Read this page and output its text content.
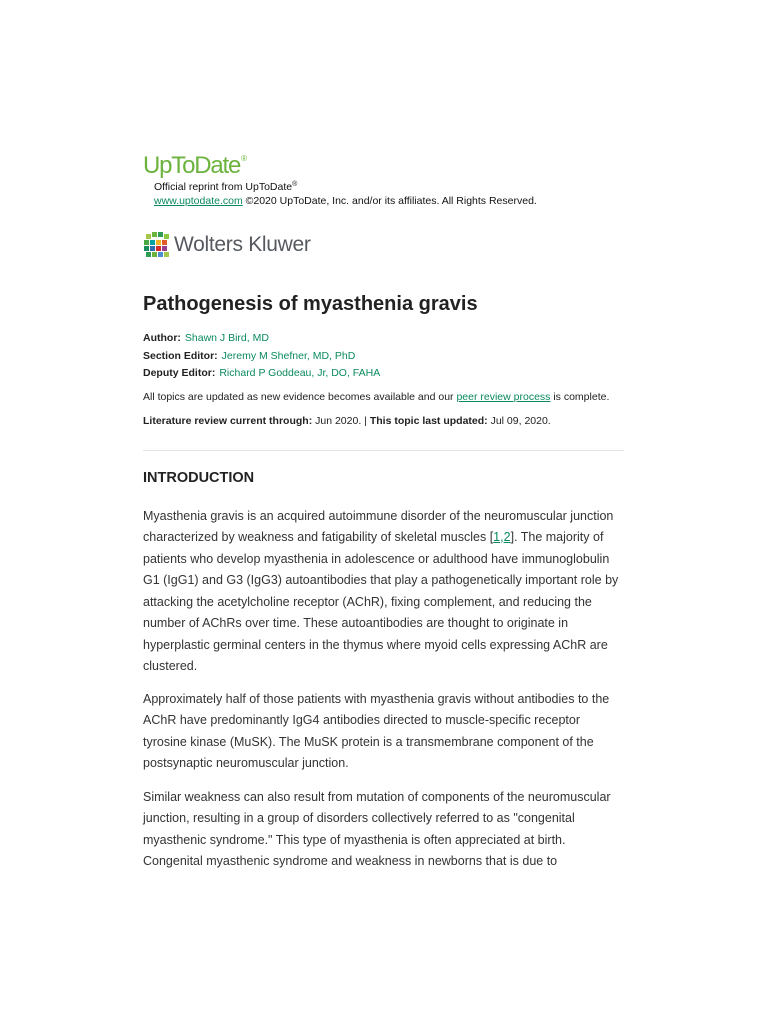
UpToDate ®
Official reprint from UpToDate®
www.uptodate.com ©2020 UpToDate, Inc. and/or its affiliates. All Rights Reserved.
Wolters Kluwer
Pathogenesis of myasthenia gravis
Author: Shawn J Bird, MD
Section Editor: Jeremy M Shefner, MD, PhD
Deputy Editor: Richard P Goddeau, Jr, DO, FAHA
All topics are updated as new evidence becomes available and our peer review process is complete.
Literature review current through: Jun 2020. | This topic last updated: Jul 09, 2020.
INTRODUCTION

Myasthenia gravis is an acquired autoimmune disorder of the neuromuscular junction characterized by weakness and fatigability of skeletal muscles [1,2]. The majority of patients who develop myasthenia in adolescence or adulthood have immunoglobulin G1 (IgG1) and G3 (IgG3) autoantibodies that play a pathogenetically important role by attacking the acetylcholine receptor (AChR), fixing complement, and reducing the number of AChRs over time. These autoantibodies are thought to originate in hyperplastic germinal centers in the thymus where myoid cells expressing AChR are clustered.

Approximately half of those patients with myasthenia gravis without antibodies to the AChR have predominantly IgG4 antibodies directed to muscle-specific receptor tyrosine kinase (MuSK). The MuSK protein is a transmembrane component of the postsynaptic neuromuscular junction.

Similar weakness can also result from mutation of components of the neuromuscular junction, resulting in a group of disorders collectively referred to as "congenital myasthenic syndrome." This type of myasthenia is often appreciated at birth. Congenital myasthenic syndrome and weakness in newborns that is due to
